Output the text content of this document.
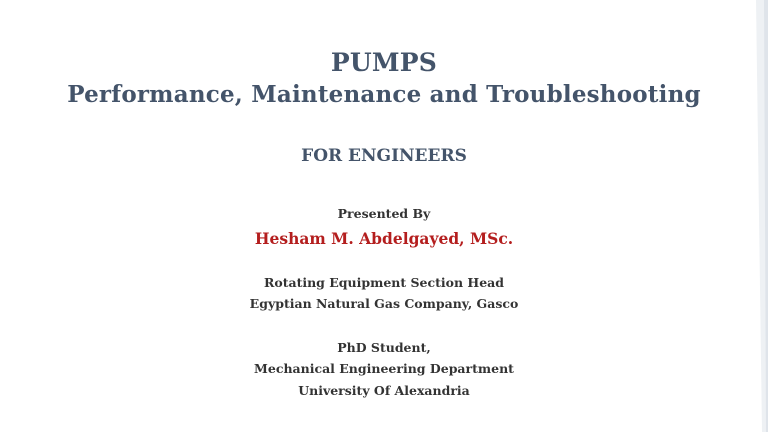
PUMPS
Performance, Maintenance and Troubleshooting
FOR ENGINEERS
Presented By
Hesham M. Abdelgayed, MSc.
Rotating Equipment Section Head
Egyptian Natural Gas Company, Gasco
PhD Student,
Mechanical Engineering Department
University Of Alexandria
